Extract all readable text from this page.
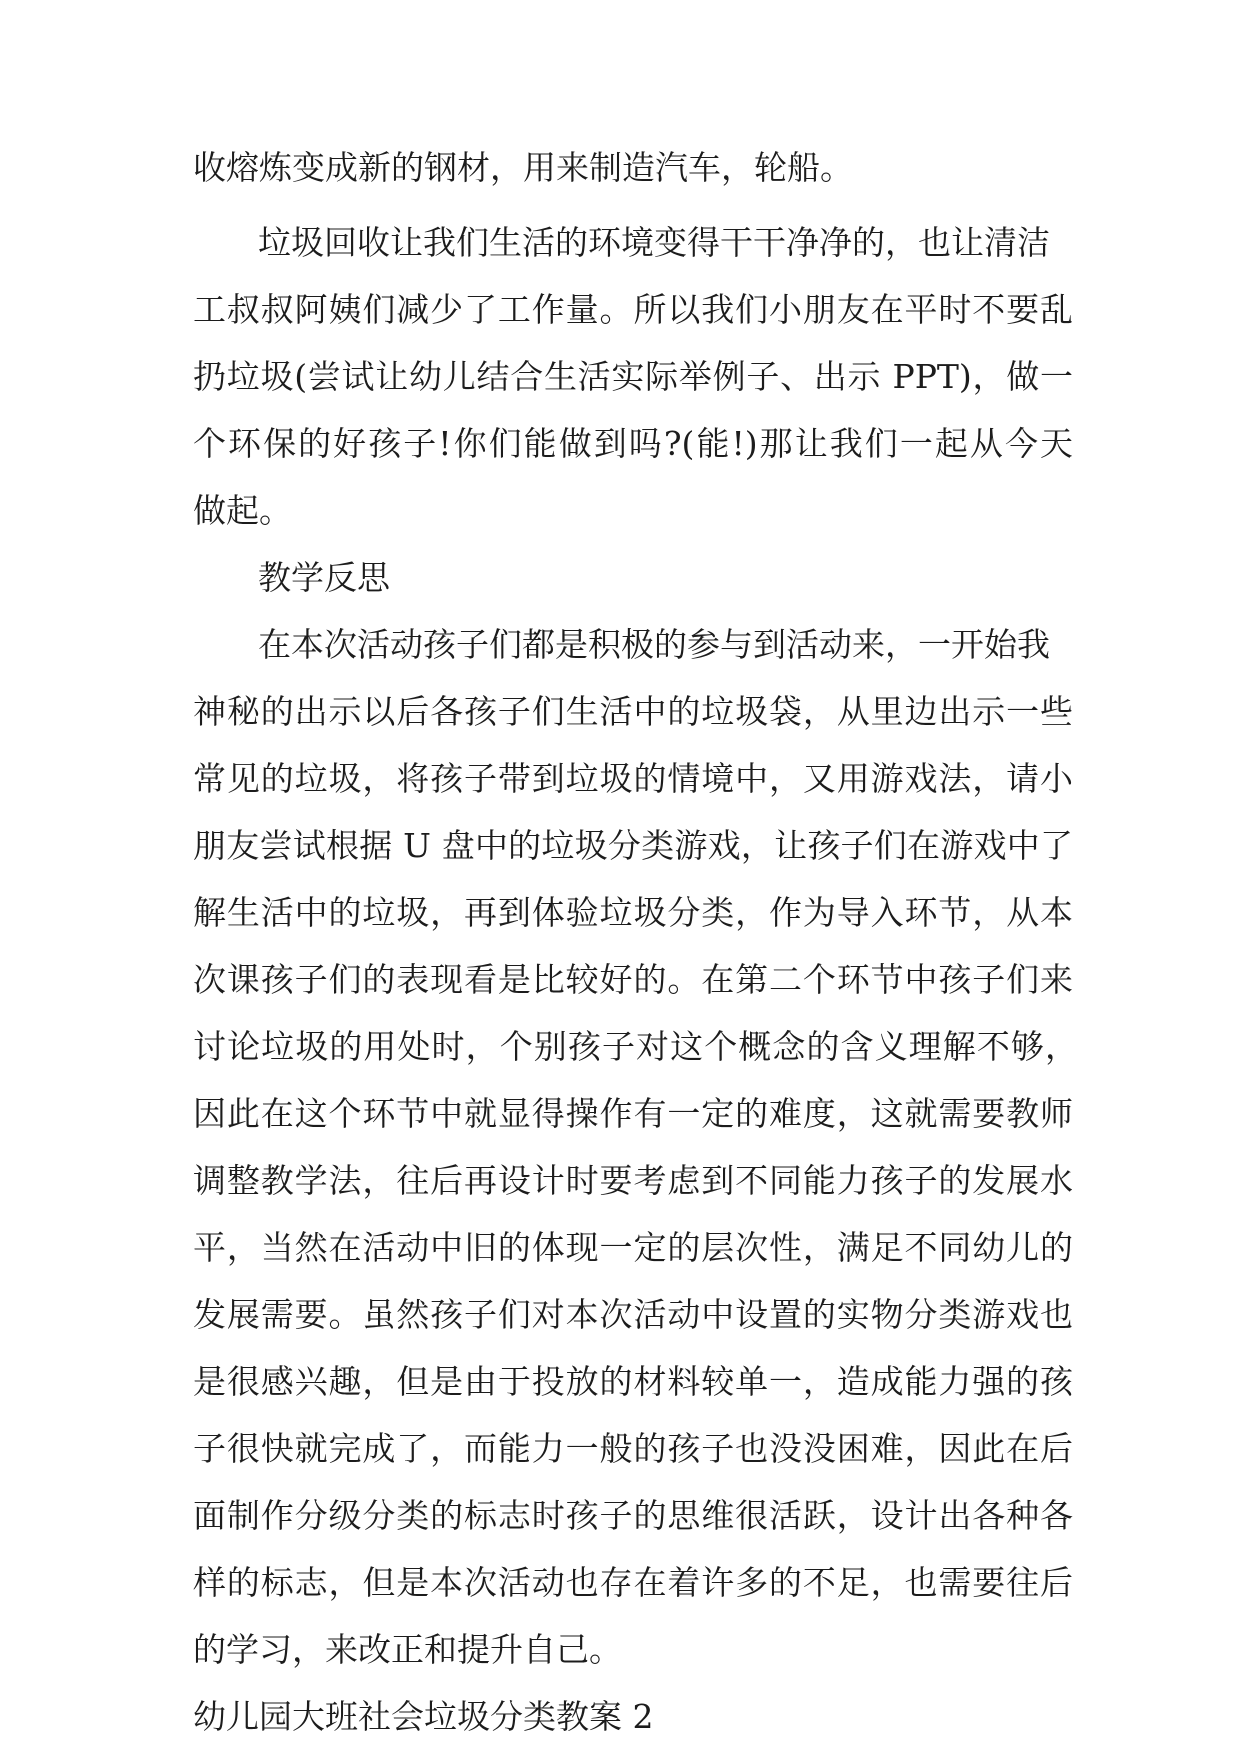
收熔炼变成新的钢材，用来制造汽车，轮船。
垃圾回收让我们生活的环境变得干干净净的，也让清洁
工叔叔阿姨们减少了工作量。所以我们小朋友在平时不要乱
扔垃圾(尝试让幼儿结合生活实际举例子、出示 PPT)，做一
个环保的好孩子!你们能做到吗?(能!)那让我们一起从今天
做起。
教学反思
在本次活动孩子们都是积极的参与到活动来，一开始我
神秘的出示以后各孩子们生活中的垃圾袋，从里边出示一些
常见的垃圾，将孩子带到垃圾的情境中，又用游戏法，请小
朋友尝试根据 U 盘中的垃圾分类游戏，让孩子们在游戏中了
解生活中的垃圾，再到体验垃圾分类，作为导入环节，从本
次课孩子们的表现看是比较好的。在第二个环节中孩子们来
讨论垃圾的用处时，个别孩子对这个概念的含义理解不够，
因此在这个环节中就显得操作有一定的难度，这就需要教师
调整教学法，往后再设计时要考虑到不同能力孩子的发展水
平，当然在活动中旧的体现一定的层次性，满足不同幼儿的
发展需要。虽然孩子们对本次活动中设置的实物分类游戏也
是很感兴趣，但是由于投放的材料较单一，造成能力强的孩
子很快就完成了，而能力一般的孩子也没没困难，因此在后
面制作分级分类的标志时孩子的思维很活跃，设计出各种各
样的标志，但是本次活动也存在着许多的不足，也需要往后
的学习，来改正和提升自己。
幼儿园大班社会垃圾分类教案 2
